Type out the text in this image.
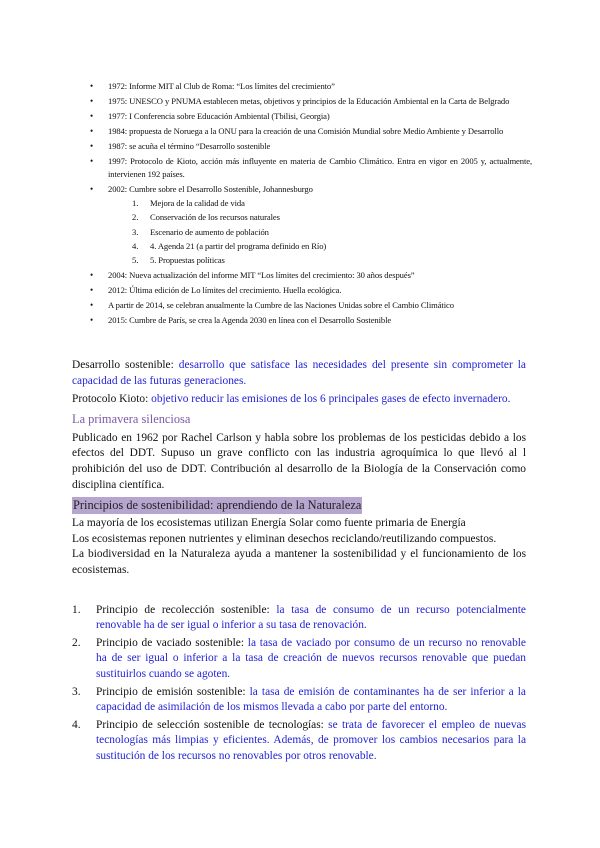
• 1972: Informe MIT al Club de Roma: “Los límites del crecimiento”
• 1975: UNESCO y PNUMA establecen metas, objetivos y principios de la Educación Ambiental en la Carta de Belgrado
• 1977: I Conferencia sobre Educación Ambiental (Tbilisi, Georgia)
• 1984: propuesta de Noruega a la ONU para la creación de una Comisión Mundial sobre Medio Ambiente y Desarrollo
• 1987: se acuña el término “Desarrollo sostenible
• 1997: Protocolo de Kioto, acción más influyente en materia de Cambio Climático. Entra en vigor en 2005 y, actualmente, intervienen 192 países.
• 2002: Cumbre sobre el Desarrollo Sostenible, Johannesburgo
1. Mejora de la calidad de vida
2. Conservación de los recursos naturales
3. Escenario de aumento de población
4. 4. Agenda 21 (a partir del programa definido en Río)
5. 5. Propuestas políticas
• 2004: Nueva actualización del informe MIT “Los límites del crecimiento: 30 años después”
• 2012: Última edición de Lo límites del crecimiento. Huella ecológica.
• A partir de 2014, se celebran anualmente la Cumbre de las Naciones Unidas sobre el Cambio Climático
• 2015: Cumbre de París, se crea la Agenda 2030 en línea con el Desarrollo Sostenible

Desarrollo sostenible: desarrollo que satisface las necesidades del presente sin comprometer la capacidad de las futuras generaciones.

Protocolo Kioto: objetivo reducir las emisiones de los 6 principales gases de efecto invernadero.

La primavera silenciosa

Publicado en 1962 por Rachel Carlson y habla sobre los problemas de los pesticidas debido a los efectos del DDT. Supuso un grave conflicto con las industria agroquímica lo que llevó al l prohibición del uso de DDT. Contribución al desarrollo de la Biología de la Conservación como disciplina científica.

Principios de sostenibilidad: aprendiendo de la Naturaleza

La mayoría de los ecosistemas utilizan Energía Solar como fuente primaria de Energía

Los ecosistemas reponen nutrientes y eliminan desechos reciclando/reutilizando compuestos.

La biodiversidad en la Naturaleza ayuda a mantener la sostenibilidad y el funcionamiento de los ecosistemas.

1. Principio de recolección sostenible: la tasa de consumo de un recurso potencialmente renovable ha de ser igual o inferior a su tasa de renovación.
2. Principio de vaciado sostenible: la tasa de vaciado por consumo de un recurso no renovable ha de ser igual o inferior a la tasa de creación de nuevos recursos renovable que puedan sustituirlos cuando se agoten.
3. Principio de emisión sostenible: la tasa de emisión de contaminantes ha de ser inferior a la capacidad de asimilación de los mismos llevada a cabo por parte del entorno.
4. Principio de selección sostenible de tecnologías: se trata de favorecer el empleo de nuevas tecnologías más limpias y eficientes. Además, de promover los cambios necesarios para la sustitución de los recursos no renovables por otros renovable.
